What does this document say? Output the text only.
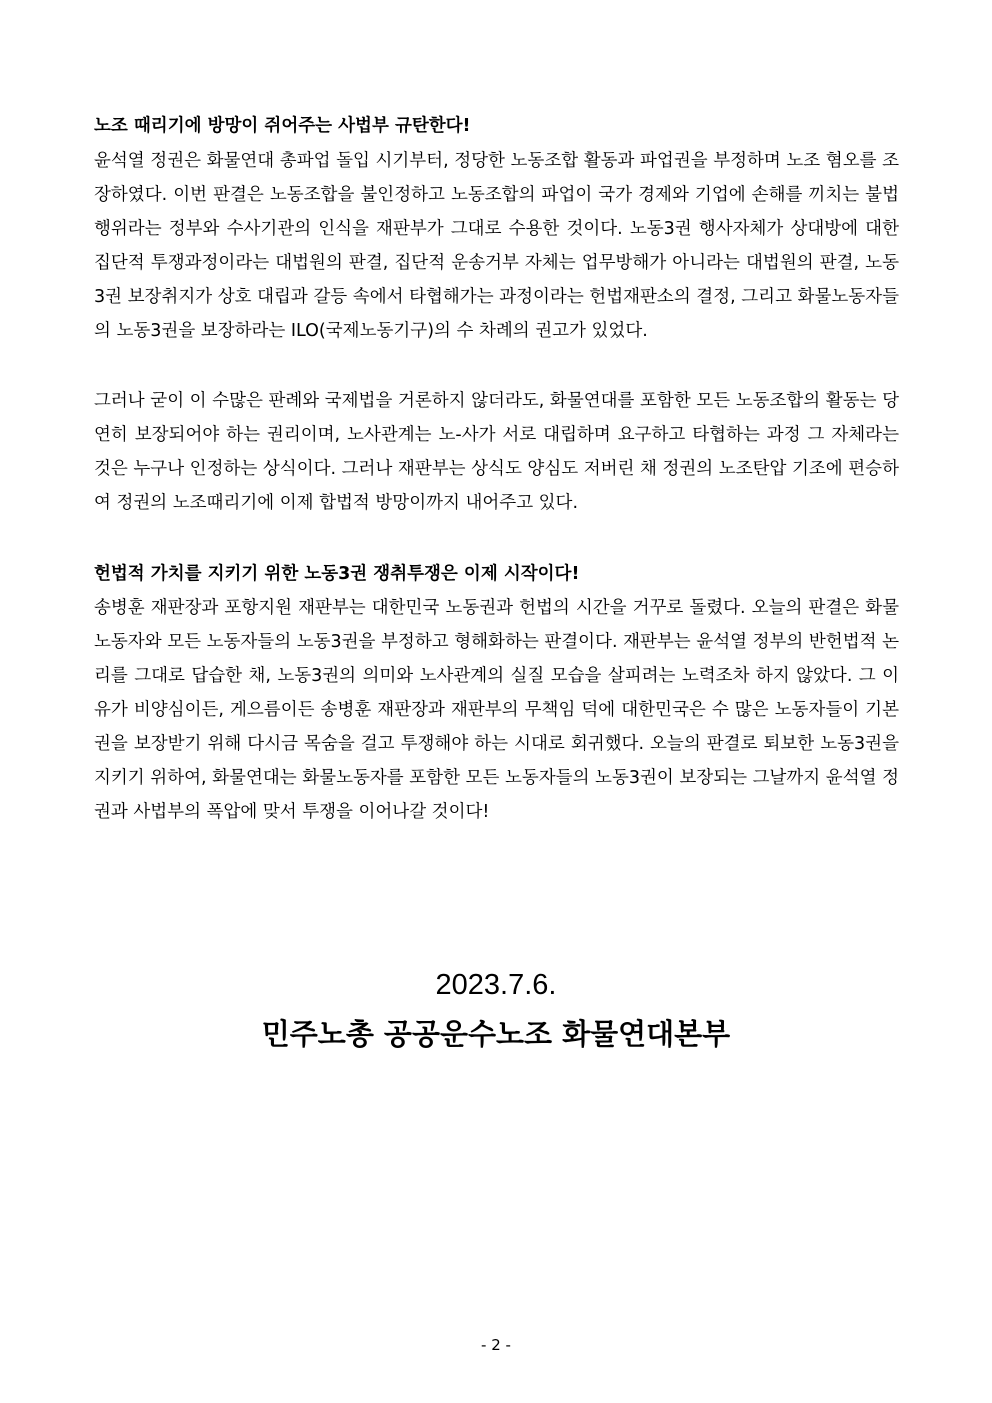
노조 때리기에 방망이 쥐어주는 사법부 규탄한다!

윤석열 정권은 화물연대 총파업 돌입 시기부터, 정당한 노동조합 활동과 파업권을 부정하며 노조 혐오를 조장하였다. 이번 판결은 노동조합을 불인정하고 노동조합의 파업이 국가 경제와 기업에 손해를 끼치는 불법행위라는 정부와 수사기관의 인식을 재판부가 그대로 수용한 것이다. 노동3권 행사자체가 상대방에 대한 집단적 투쟁과정이라는 대법원의 판결, 집단적 운송거부 자체는 업무방해가 아니라는 대법원의 판결, 노동3권 보장취지가 상호 대립과 갈등 속에서 타협해가는 과정이라는 헌법재판소의 결정, 그리고 화물노동자들의 노동3권을 보장하라는 ILO(국제노동기구)의 수 차례의 권고가 있었다.

그러나 굳이 이 수많은 판례와 국제법을 거론하지 않더라도, 화물연대를 포함한 모든 노동조합의 활동는 당연히 보장되어야 하는 권리이며, 노사관계는 노-사가 서로 대립하며 요구하고 타협하는 과정 그 자체라는 것은 누구나 인정하는 상식이다. 그러나 재판부는 상식도 양심도 저버린 채 정권의 노조탄압 기조에 편승하여 정권의 노조때리기에 이제 합법적 방망이까지 내어주고 있다.

헌법적 가치를 지키기 위한 노동3권 쟁취투쟁은 이제 시작이다!

송병훈 재판장과 포항지원 재판부는 대한민국 노동권과 헌법의 시간을 거꾸로 돌렸다. 오늘의 판결은 화물노동자와 모든 노동자들의 노동3권을 부정하고 형해화하는 판결이다. 재판부는 윤석열 정부의 반헌법적 논리를 그대로 답습한 채, 노동3권의 의미와 노사관계의 실질 모습을 살피려는 노력조차 하지 않았다. 그 이유가 비양심이든, 게으름이든 송병훈 재판장과 재판부의 무책임 덕에 대한민국은 수 많은 노동자들이 기본권을 보장받기 위해 다시금 목숨을 걸고 투쟁해야 하는 시대로 회귀했다. 오늘의 판결로 퇴보한 노동3권을 지키기 위하여, 화물연대는 화물노동자를 포함한 모든 노동자들의 노동3권이 보장되는 그날까지 윤석열 정권과 사법부의 폭압에 맞서 투쟁을 이어나갈 것이다!

2023.7.6.
민주노총 공공운수노조 화물연대본부
- 2 -
